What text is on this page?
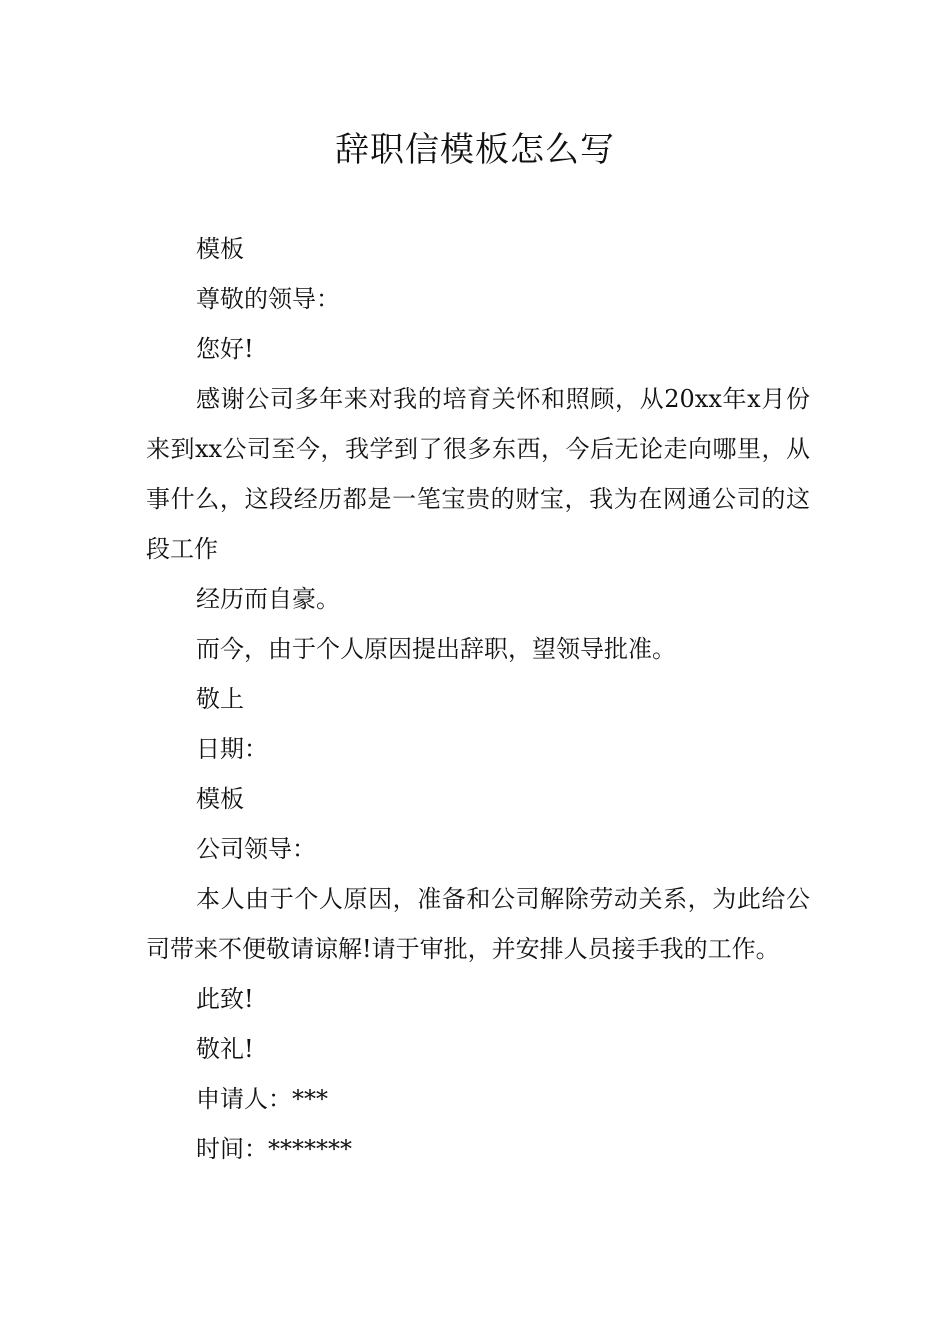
辞职信模板怎么写

模板

尊敬的领导：

您好!

感谢公司多年来对我的培育关怀和照顾，从20xx年x月份来到xx公司至今，我学到了很多东西，今后无论走向哪里，从事什么，这段经历都是一笔宝贵的财宝，我为在网通公司的这段工作

经历而自豪。

而今，由于个人原因提出辞职，望领导批准。

敬上

日期：

模板

公司领导：

本人由于个人原因，准备和公司解除劳动关系，为此给公司带来不便敬请谅解!请于审批，并安排人员接手我的工作。

此致!

敬礼!

申请人：***

时间：*******
